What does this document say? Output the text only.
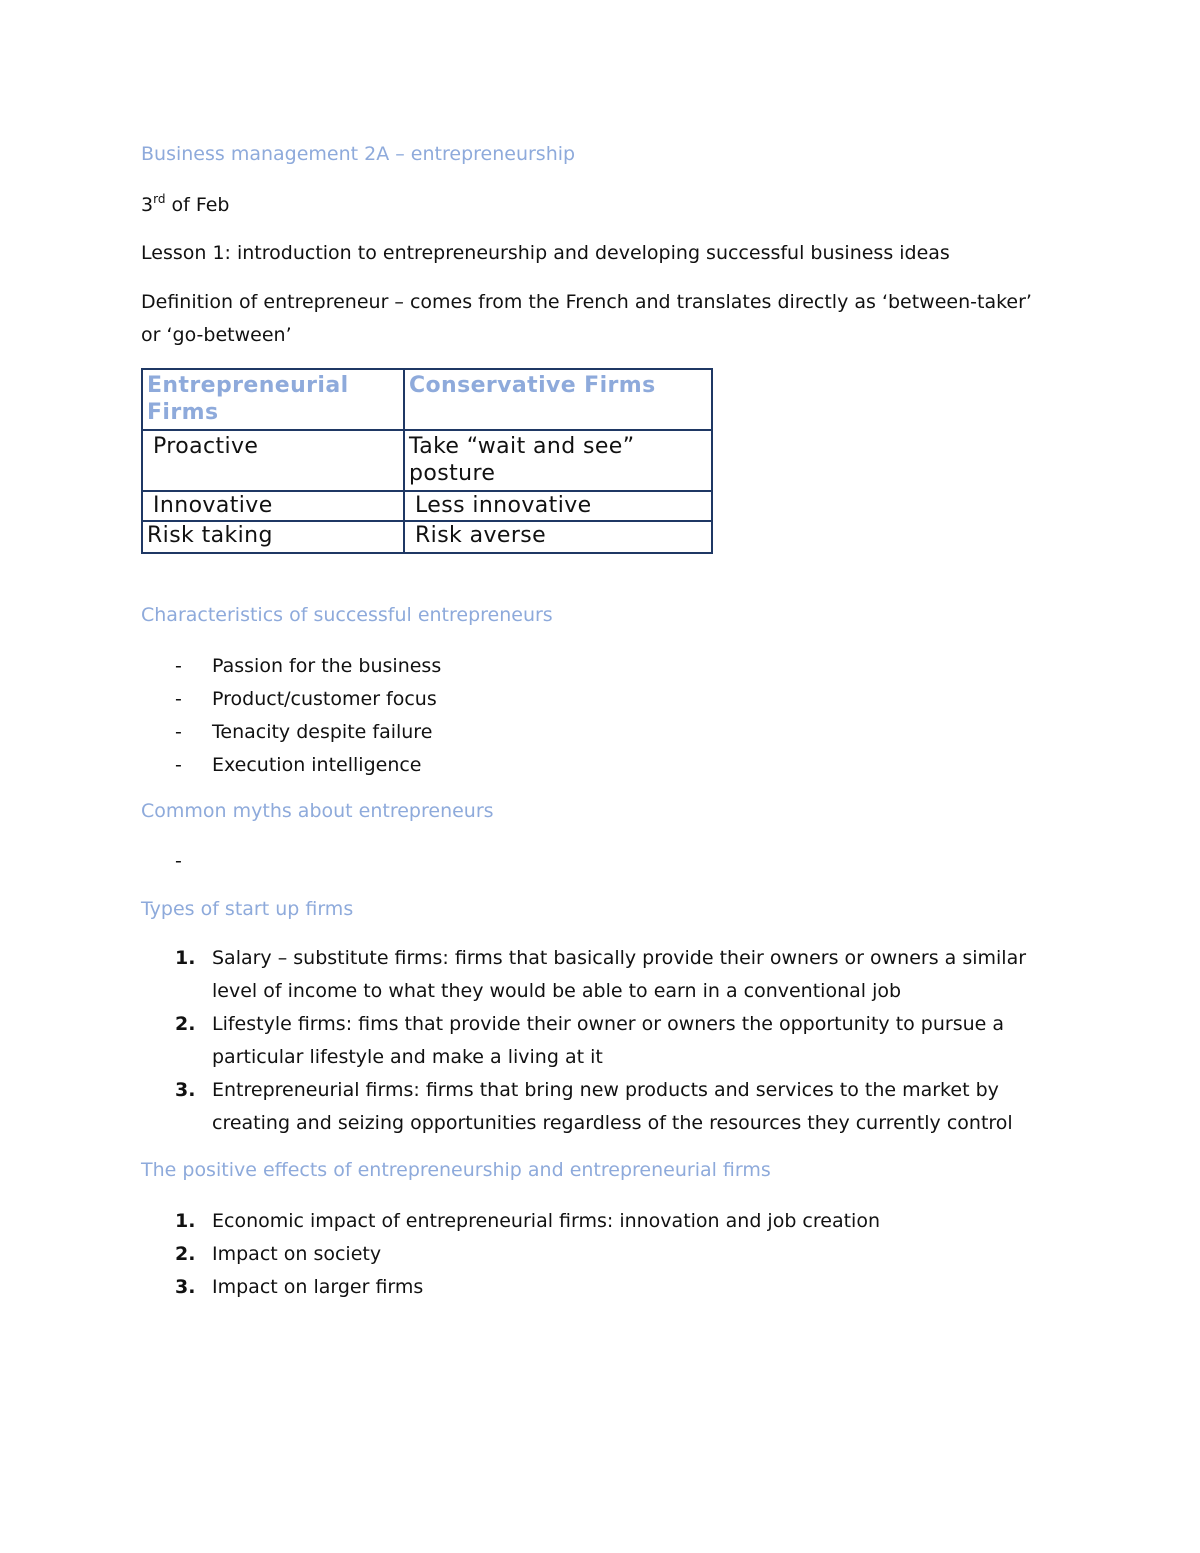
Business management 2A – entrepreneurship
3rd of Feb
Lesson 1: introduction to entrepreneurship and developing successful business ideas
Definition of entrepreneur – comes from the French and translates directly as ‘between-taker’ or ‘go-between’
Entrepreneurial Firms	Conservative Firms
Proactive	Take “wait and see” posture
Innovative	Less innovative
Risk taking	Risk averse
Characteristics of successful entrepreneurs
- Passion for the business
- Product/customer focus
- Tenacity despite failure
- Execution intelligence
Common myths about entrepreneurs
-

Types of start up firms
1. Salary – substitute firms: firms that basically provide their owners or owners a similar level of income to what they would be able to earn in a conventional job
2. Lifestyle firms: fims that provide their owner or owners the opportunity to pursue a particular lifestyle and make a living at it
3. Entrepreneurial firms: firms that bring new products and services to the market by creating and seizing opportunities regardless of the resources they currently control
The positive effects of entrepreneurship and entrepreneurial firms
1. Economic impact of entrepreneurial firms: innovation and job creation
2. Impact on society
3. Impact on larger firms
